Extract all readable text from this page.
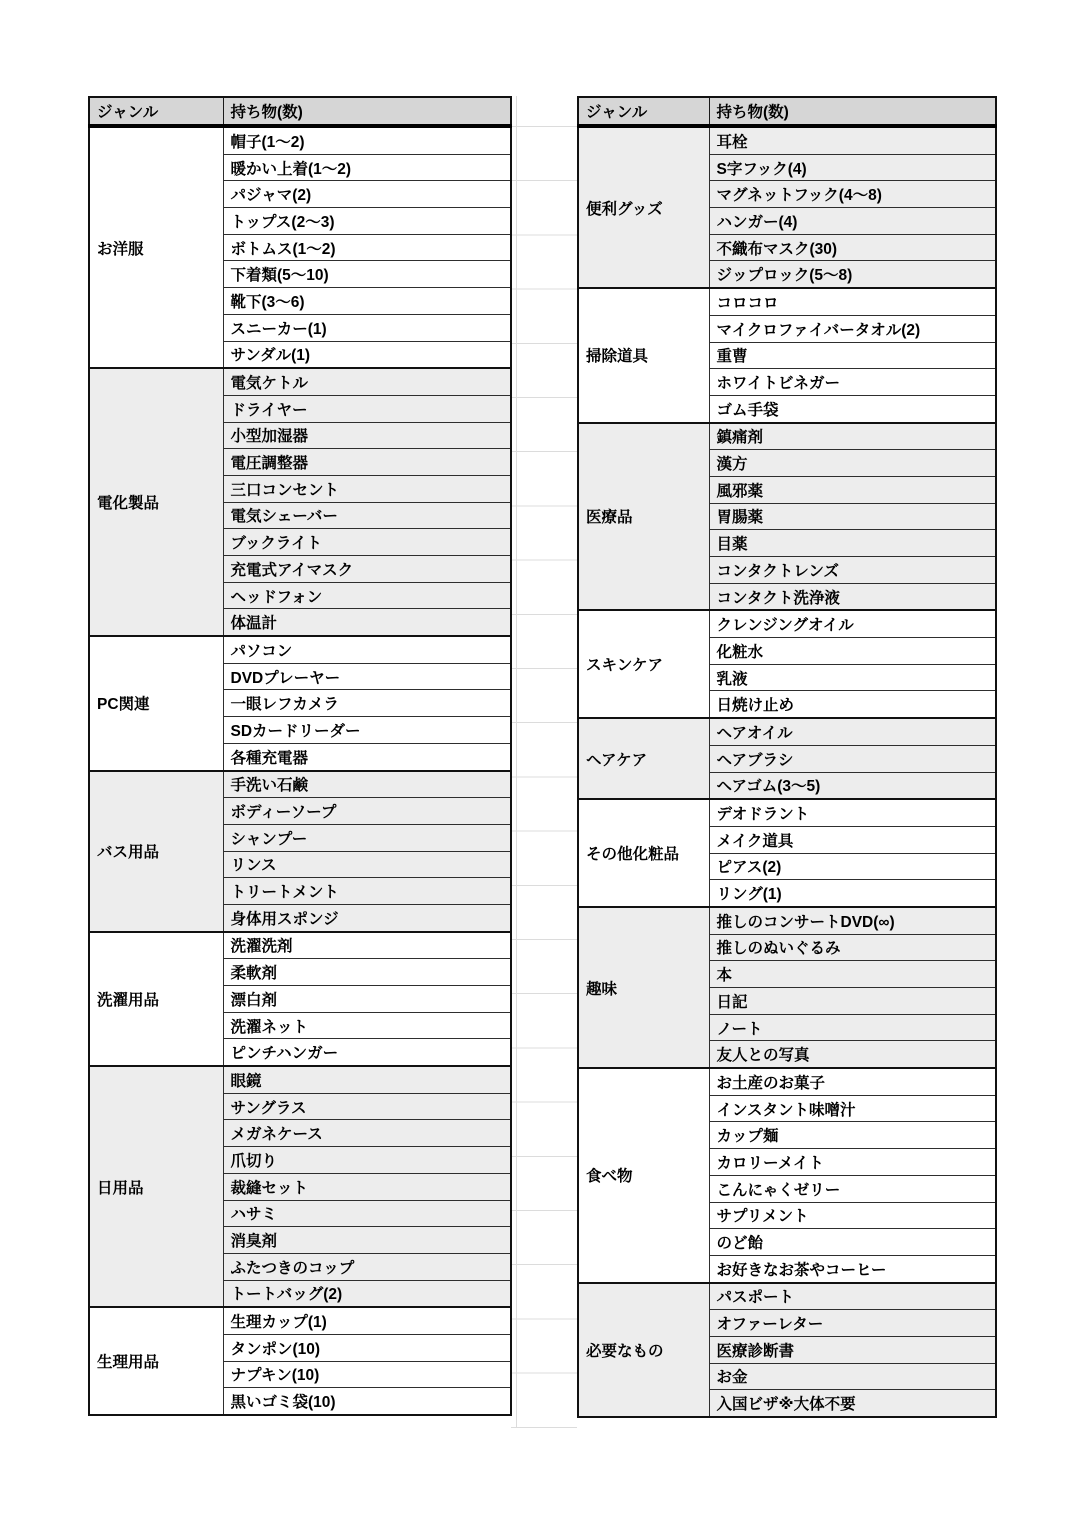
ジャンル	持ち物(数)
お洋服	帽子(1～2)
	暖かい上着(1～2)
	パジャマ(2)
	トップス(2～3)
	ボトムス(1～2)
	下着類(5～10)
	靴下(3～6)
	スニーカー(1)
	サンダル(1)
電化製品	電気ケトル
	ドライヤー
	小型加湿器
	電圧調整器
	三口コンセント
	電気シェーバー
	ブックライト
	充電式アイマスク
	ヘッドフォン
	体温計
PC関連	パソコン
	DVDプレーヤー
	一眼レフカメラ
	SDカードリーダー
	各種充電器
バス用品	手洗い石鹸
	ボディーソープ
	シャンプー
	リンス
	トリートメント
	身体用スポンジ
洗濯用品	洗濯洗剤
	柔軟剤
	漂白剤
	洗濯ネット
	ピンチハンガー
日用品	眼鏡
	サングラス
	メガネケース
	爪切り
	裁縫セット
	ハサミ
	消臭剤
	ふたつきのコップ
	トートバッグ(2)
生理用品	生理カップ(1)
	タンポン(10)
	ナプキン(10)
	黒いゴミ袋(10)
ジャンル	持ち物(数)
便利グッズ	耳栓
	S字フック(4)
	マグネットフック(4～8)
	ハンガー(4)
	不織布マスク(30)
	ジップロック(5～8)
掃除道具	コロコロ
	マイクロファイバータオル(2)
	重曹
	ホワイトビネガー
	ゴム手袋
医療品	鎮痛剤
	漢方
	風邪薬
	胃腸薬
	目薬
	コンタクトレンズ
	コンタクト洗浄液
スキンケア	クレンジングオイル
	化粧水
	乳液
	日焼け止め
ヘアケア	ヘアオイル
	ヘアブラシ
	ヘアゴム(3～5)
その他化粧品	デオドラント
	メイク道具
	ピアス(2)
	リング(1)
趣味	推しのコンサートDVD(∞)
	推しのぬいぐるみ
	本
	日記
	ノート
	友人との写真
食べ物	お土産のお菓子
	インスタント味噌汁
	カップ麺
	カロリーメイト
	こんにゃくゼリー
	サプリメント
	のど飴
	お好きなお茶やコーヒー
必要なもの	パスポート
	オファーレター
	医療診断書
	お金
	入国ビザ※大体不要
